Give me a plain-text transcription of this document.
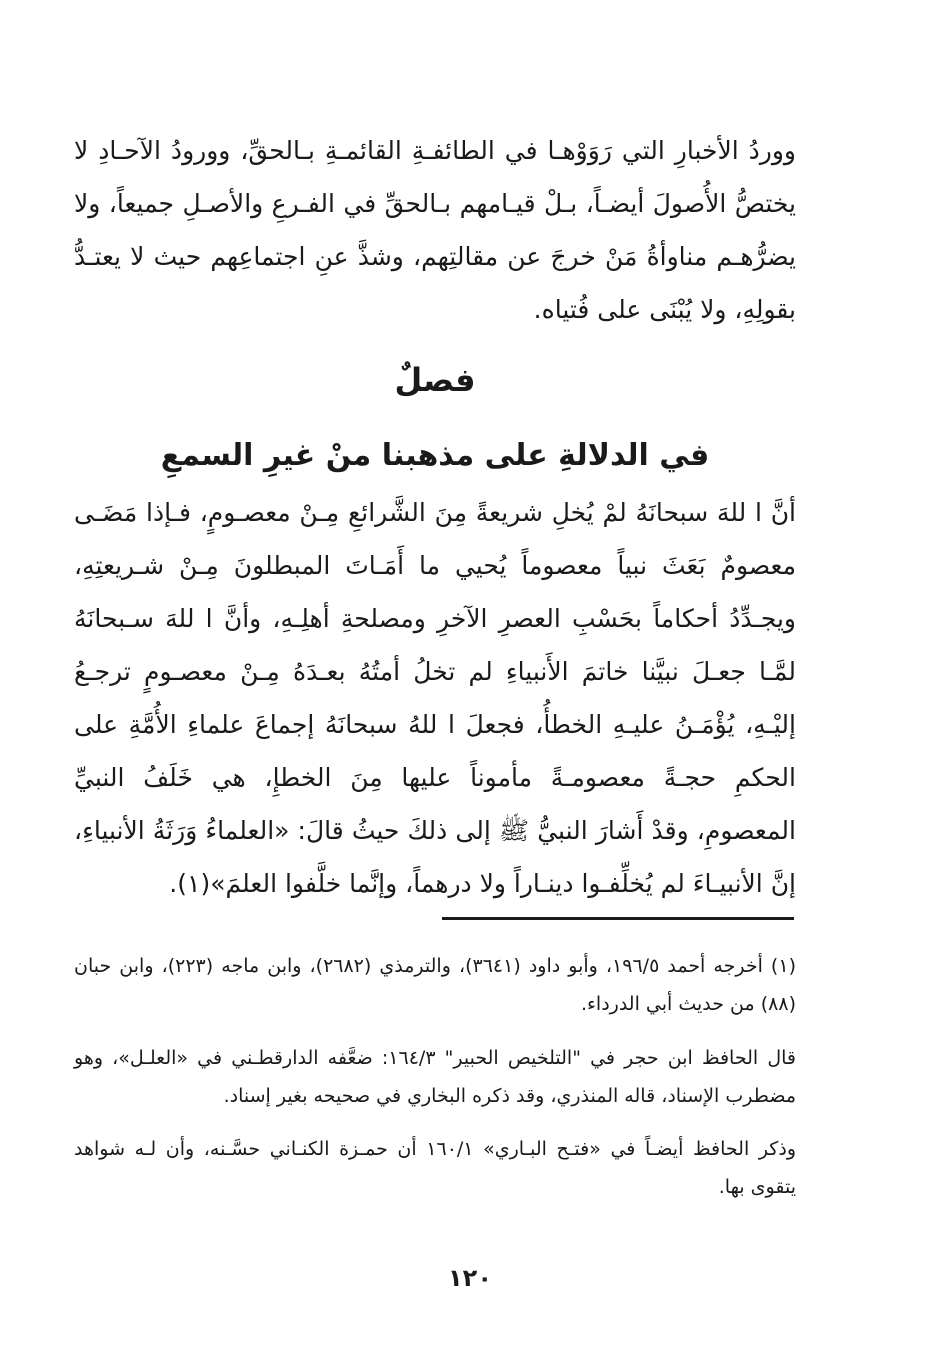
ووردُ الأخبارِ التي رَوَوْهـا في الطائفـةِ القائمـةِ بـالحقِّ، وورودُ الآحـادِ لا يختصُّ الأُصولَ أيضـاً، بـلْ قيـامهم بـالحقِّ في الفـرعِ والأصـلِ جميعاً، ولا يضرُّهـم مناوأةُ مَنْ خرجَ عن مقالتِهم، وشذَّ عنِ اجتماعِهم حيث لا يعتـدُّ بقولِهِ، ولا يُبْنَى على فُتياه.

فصلٌ
في الدلالةِ على مذهبنا منْ غيرِ السمعِ

أنَّ ا للهَ سبحانَهُ لمْ يُخلِ شريعةً مِنَ الشَّرائعِ مِـنْ معصـومٍ، فـإذا مَضَـى معصومٌ بَعَثَ نبياً معصوماً يُحيي ما أَمَـاتَ المبطلونَ مِـنْ شـريعتِهِ، ويجـدِّدُ أحكاماً بحَسْبِ العصرِ الآخرِ ومصلحةِ أهلِـهِ، وأنَّ ا للهَ سـبحانَهُ لمَّـا جعـلَ نبيَّنا خاتمَ الأَنبياءِ لم تخلُ أمتُهُ بعـدَهُ مِـنْ معصـومٍ ترجـعُ إليْـهِ، يُؤْمَـنُ عليـهِ الخطأُ، فجعلَ ا للهُ سبحانَهُ إجماعَ علماءِ الأُمَّةِ على الحكمِ حجـةً معصومـةً مأموناً عليها مِنَ الخطإِ، هي خَلَفُ النبيِّ المعصومِ، وقدْ أَشارَ النبيُّ ﷺ إلى ذلكَ حيثُ قالَ: «العلماءُ وَرَثَةُ الأنبياءِ، إنَّ الأنبيـاءَ لم يُخلِّفـوا دينـاراً ولا درهماً، وإنَّما خلَّفوا العلمَ»(١).

(١) أخرجه أحمد ١٩٦/٥، وأبو داود (٣٦٤١)، والترمذي (٢٦٨٢)، وابن ماجه (٢٢٣)، وابن حبان (٨٨) من حديث أبي الدرداء.

قال الحافظ ابن حجر في "التلخيص الحبير" ١٦٤/٣: ضعَّفه الدارقطـني في «العلـل»، وهو مضطرب الإسناد، قاله المنذري، وقد ذكره البخاري في صحيحه بغير إسناد.

وذكر الحافظ أيضـاً في «فتـح البـاري» ١٦٠/١ أن حمـزة الكنـاني حسَّـنه، وأن لـه شواهد يتقوى بها.

١٢٠
